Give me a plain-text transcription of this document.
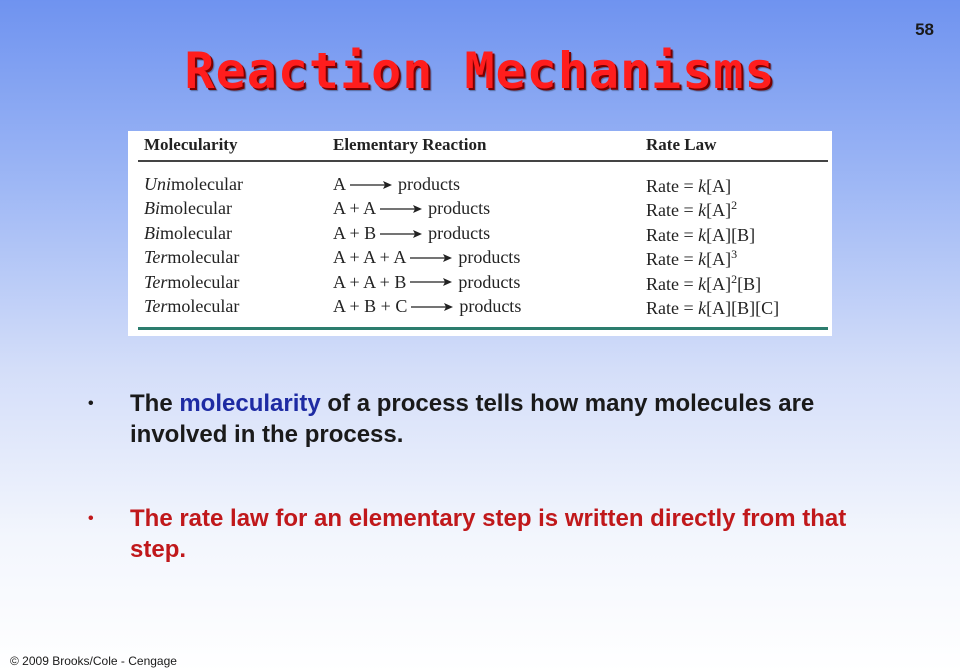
58
Reaction Mechanisms
Molecularity	Elementary Reaction	Rate Law
Unimolecular	A	products	Rate = k[A]
Bimolecular	A + A	products	Rate = $k[A]^2$
Bimolecular	A + B	products	Rate = k[A][B]
Termolecular	A + A + A	products	Rate = $k[A]^3$
Termolecular	A + A + B	products	Rate = $k[A]^2[B]$
Termolecular	A + B + C	products	Rate = k[A][B][C]
• The molecularity of a process tells how many molecules are involved in the process.
• The rate law for an elementary step is written directly from that step.
© 2009 Brooks/Cole - Cengage
